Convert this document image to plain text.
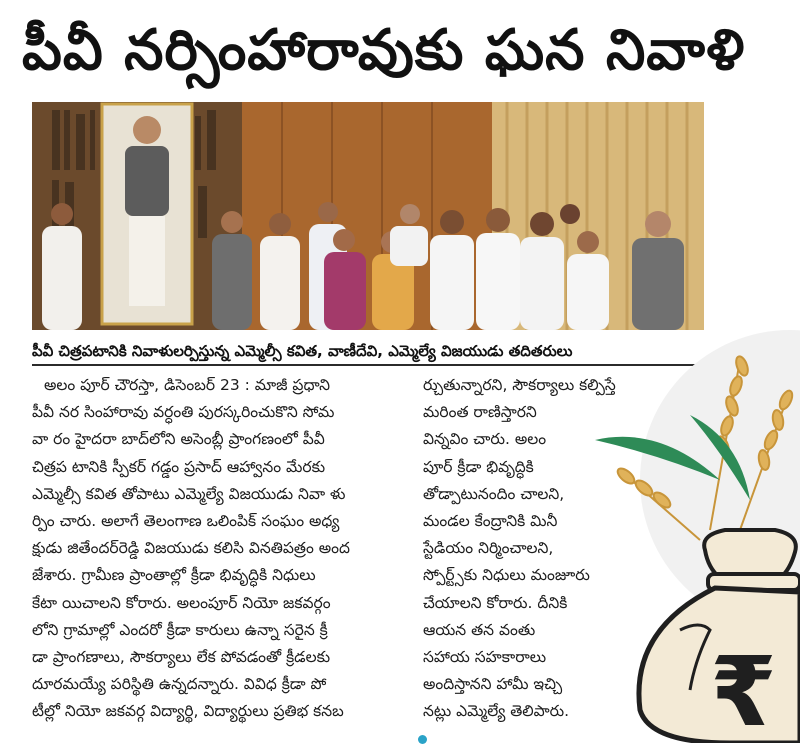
పీవీ నర్సింహారావుకు ఘన నివాళి
పీవీ చిత్రపటానికి నివాళులర్పిస్తున్న ఎమ్మెల్సీ కవిత, వాణీదేవి, ఎమ్మెల్యే విజయుడు తదితరులు

అలం పూర్ చౌరస్తా, డిసెంబర్ 23 : మాజీ ప్రధాని

పీవీ నర సింహారావు వర్ధంతి పురస్కరించుకొని సోమ

వా రం హైదరా బాద్‌లోని అసెంబ్లీ ప్రాంగణంలో పీవీ

చిత్రప టానికి స్పీకర్ గడ్డం ప్రసాద్ ఆహ్వానం మేరకు

ఎమ్మెల్సీ కవిత తోపాటు ఎమ్మెల్యే విజయుడు నివా ళు

ర్పిం చారు. అలాగే తెలంగాణ ఒలింపిక్ సంఘం అధ్య

క్షుడు జితేందర్‌రెడ్డి విజయుడు కలిసి వినతిపత్రం అంద

జేశారు. గ్రామీణ ప్రాంతాల్లో క్రీడా భివృద్ధికి నిధులు

కేటా యిచాలని కోరారు. అలంపూర్ నియో జకవర్గం

లోని గ్రామాల్లో ఎందరో క్రీడా కారులు ఉన్నా సరైన క్రీ

డా ప్రాంగణాలు, సౌకర్యాలు లేక పోవడంతో క్రీడలకు

దూరమయ్యే పరిస్థితి ఉన్నదన్నారు. వివిధ క్రీడా పో

టీల్లో నియో జకవర్గ విద్యార్థి, విద్యార్థులు ప్రతిభ కనబ	₹

ర్చుతున్నారని, సౌకర్యాలు కల్పిస్తే

మరింత రాణిస్తారని

విన్నవిం చారు. అలం

పూర్ క్రీడా భివృద్ధికి

తోడ్పాటునందిం చాలని,

మండల కేంద్రానికి మినీ

స్టేడియం నిర్మించాలని,

స్పోర్ట్స్‌కు నిధులు మంజూరు

చేయాలని కోరారు. దీనికి

ఆయన తన వంతు

సహాయ సహకారాలు

అందిస్తానని హామీ ఇచ్చి

నట్లు ఎమ్మెల్యే తెలిపారు.
